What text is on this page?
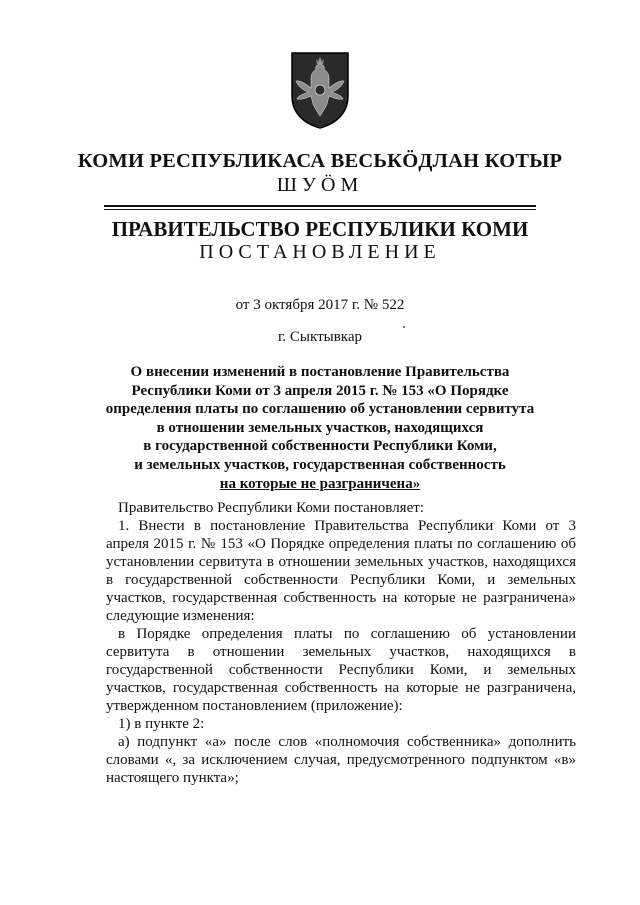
КОМИ РЕСПУБЛИКАСА ВЕСЬКӦДЛАН КОТЫР
ШУӦМ
ПРАВИТЕЛЬСТВО РЕСПУБЛИКИ КОМИ
ПОСТАНОВЛЕНИЕ
от 3 октября 2017 г. № 522
г. Сыктывкар
О внесении изменений в постановление Правительства
Республики Коми от 3 апреля 2015 г. № 153 «О Порядке
определения платы по соглашению об установлении сервитута
в отношении земельных участков, находящихся
в государственной собственности Республики Коми,
и земельных участков, государственная собственность
на которые не разграничена»

Правительство Республики Коми постановляет:

1. Внести в постановление Правительства Республики Коми от 3 апреля 2015 г. № 153 «О Порядке определения платы по соглашению об установлении сервитута в отношении земельных участков, находящихся в государственной собственности Республики Коми, и земельных участков, государственная собственность на которые не разграничена» следующие изменения:

в Порядке определения платы по соглашению об установлении сервитута в отношении земельных участков, находящихся в государственной собственности Республики Коми, и земельных участков, государственная собственность на которые не разграничена, утвержденном постановлением (приложение):

1) в пункте 2:

а) подпункт «а» после слов «полномочия собственника» дополнить словами «, за исключением случая, предусмотренного подпунктом «в» настоящего пункта»;
